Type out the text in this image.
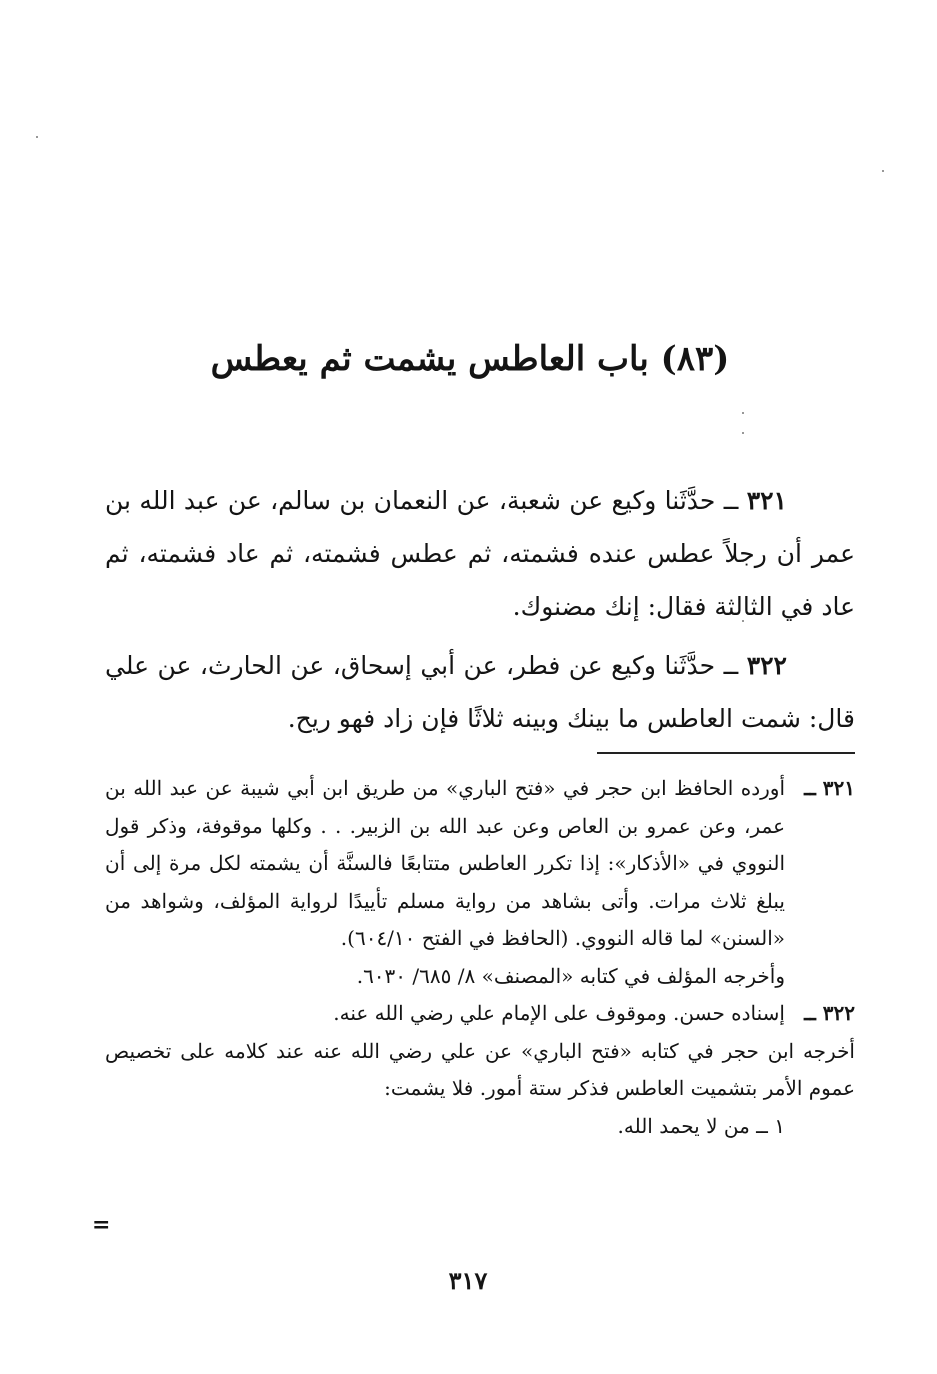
(٨٣) باب العاطس يشمت ثم يعطس

٣٢١ ــ حدَّثَنا وكيع عن شعبة، عن النعمان بن سالم، عن عبد الله بن عمر أن رجلاً عطس عنده فشمته، ثم عطس فشمته، ثم عاد فشمته، ثم عاد في الثالثة فقال: إنك مضنوك.

٣٢٢ ــ حدَّثَنا وكيع عن فطر، عن أبي إسحاق، عن الحارث، عن علي قال: شمت العاطس ما بينك وبينه ثلاثًا فإن زاد فهو ريح.

٣٢١ ــ

أورده الحافظ ابن حجر في «فتح الباري» من طريق ابن أبي شيبة عن عبد الله بن عمر، وعن عمرو بن العاص وعن عبد الله بن الزبير. . . وكلها موقوفة، وذكر قول النووي في «الأذكار»: إذا تكرر العاطس متتابعًا فالسنَّة أن يشمته لكل مرة إلى أن يبلغ ثلاث مرات. وأتى بشاهد من رواية مسلم تأييدًا لرواية المؤلف، وشواهد من «السنن» لما قاله النووي. (الحافظ في الفتح ٦٠٤/١٠).

وأخرجه المؤلف في كتابه «المصنف» ٨/ ٦٨٥/ ٦٠٣٠.

٣٢٢ ــ

إسناده حسن. وموقوف على الإمام علي رضي الله عنه.

أخرجه ابن حجر في كتابه «فتح الباري» عن علي رضي الله عنه عند كلامه على تخصيص عموم الأمر بتشميت العاطس فذكر ستة أمور. فلا يشمت:

١ ــ من لا يحمد الله.

=
٣١٧
